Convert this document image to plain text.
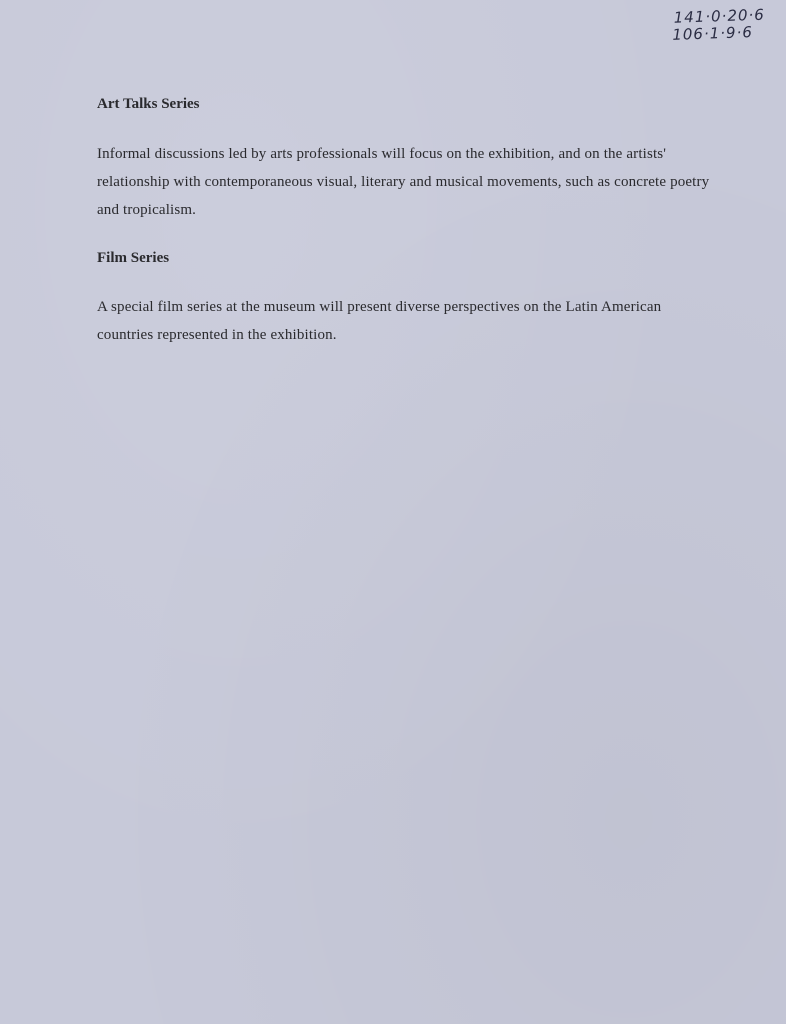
141·0·20·6
106·1·9·6
Art Talks Series

Informal discussions led by arts professionals will focus on the exhibition, and on the artists' relationship with contemporaneous visual, literary and musical movements, such as concrete poetry and tropicalism.

Film Series

A special film series at the museum will present diverse perspectives on the Latin American countries represented in the exhibition.
